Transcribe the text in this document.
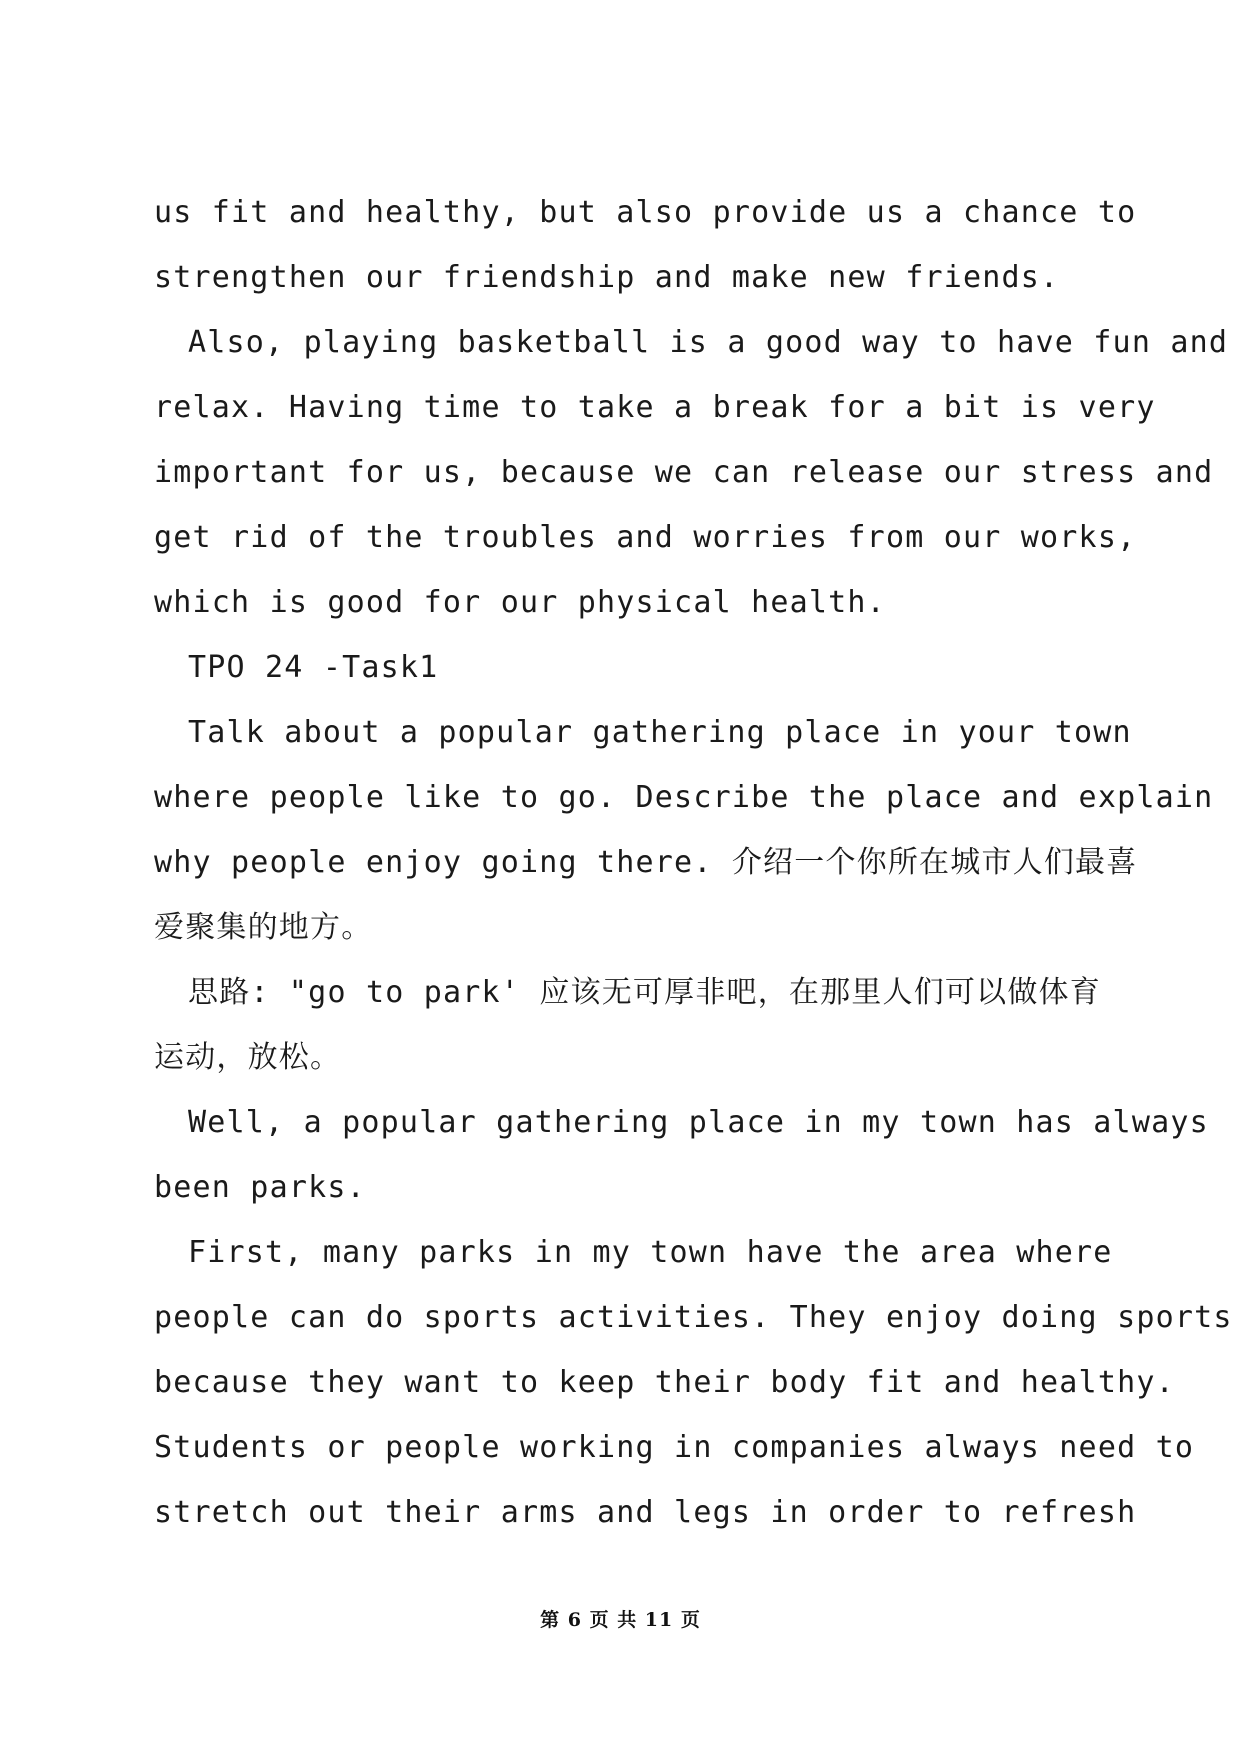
us fit and healthy, but also provide us a chance to
strengthen our friendship and make new friends.
Also, playing basketball is a good way to have fun and
relax. Having time to take a break for a bit is very
important for us, because we can release our stress and
get rid of the troubles and worries from our works,
which is good for our physical health.
TPO 24 -Task1
Talk about a popular gathering place in your town
where people like to go. Describe the place and explain
why people enjoy going there. 介绍一个你所在城市人们最喜
爱聚集的地方。
思路: "go to park' 应该无可厚非吧，在那里人们可以做体育
运动，放松。
Well, a popular gathering place in my town has always
been parks.
First, many parks in my town have the area where
people can do sports activities. They enjoy doing sports
because they want to keep their body fit and healthy.
Students or people working in companies always need to
stretch out their arms and legs in order to refresh
第 6 页 共 11 页
